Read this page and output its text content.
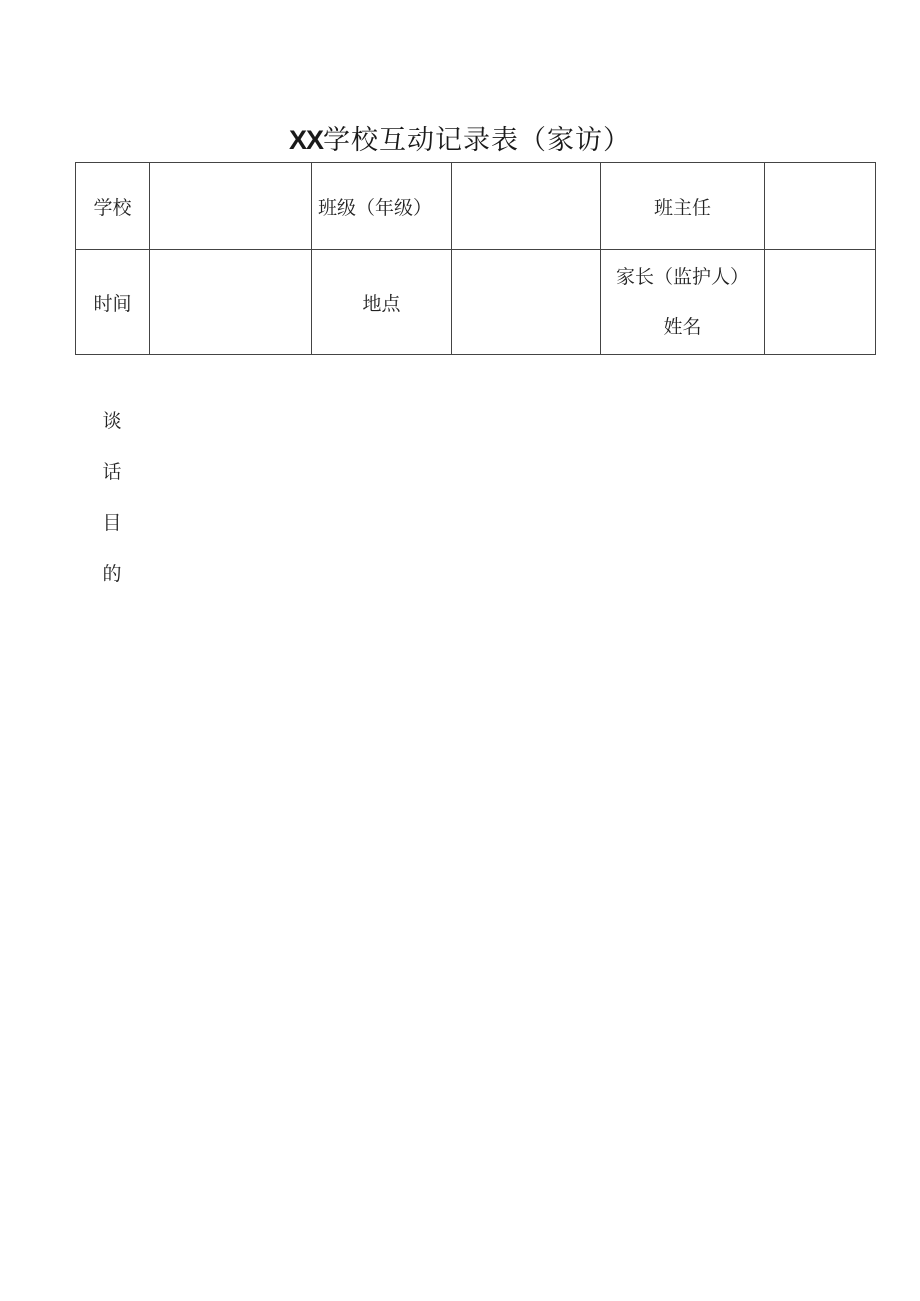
XX学校互动记录表（家访）
学校		班级（年级）		班主任	
时间		地点		家长（监护人）
姓名	

谈
话
目
的
